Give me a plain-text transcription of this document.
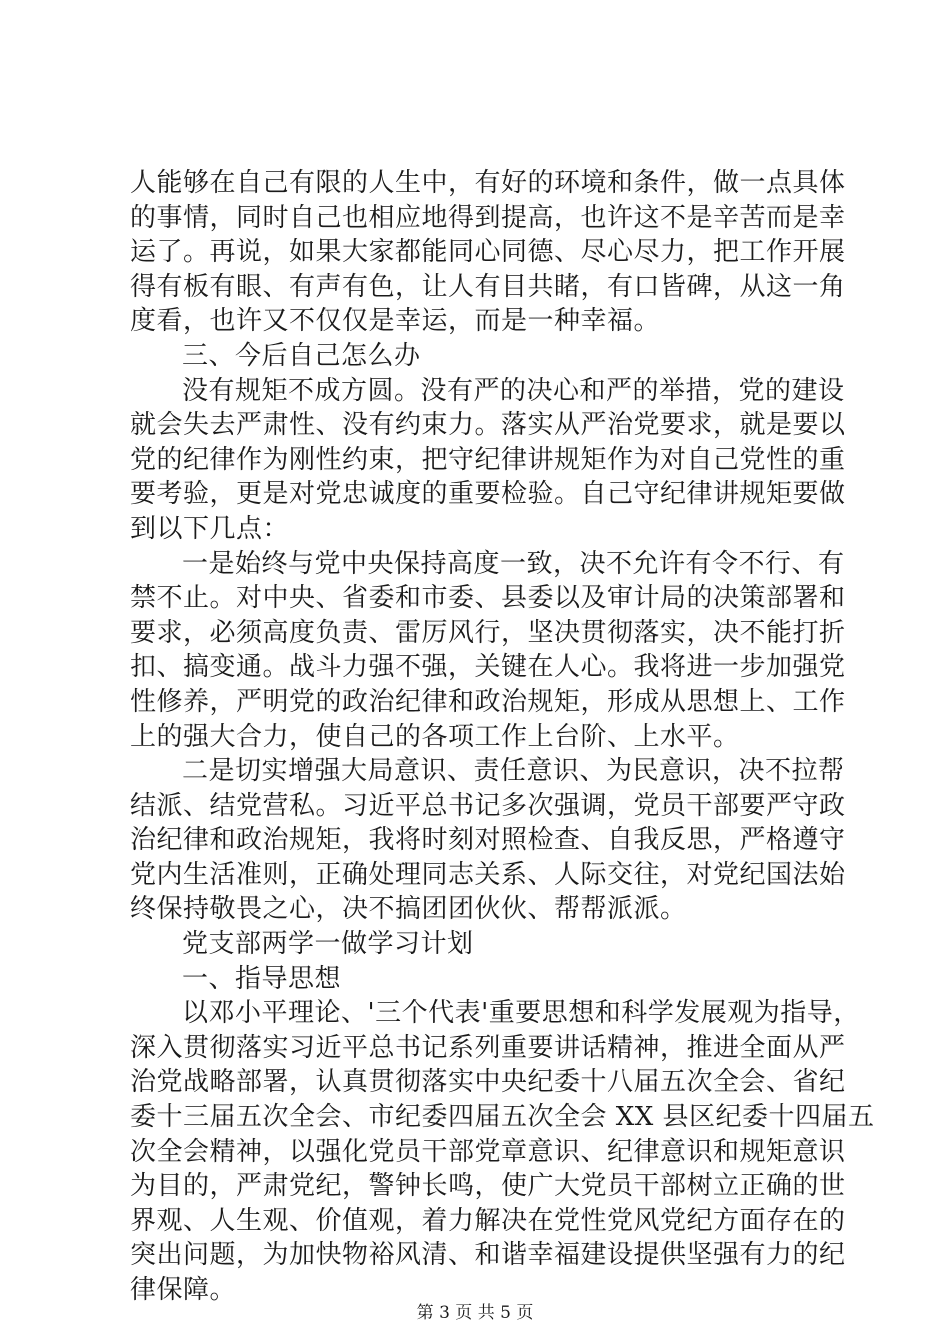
人能够在自己有限的人生中，有好的环境和条件，做一点具体
的事情，同时自己也相应地得到提高，也许这不是辛苦而是幸
运了。再说，如果大家都能同心同德、尽心尽力，把工作开展
得有板有眼、有声有色，让人有目共睹，有口皆碑，从这一角
度看，也许又不仅仅是幸运，而是一种幸福。
三、今后自己怎么办
没有规矩不成方圆。没有严的决心和严的举措，党的建设
就会失去严肃性、没有约束力。落实从严治党要求，就是要以
党的纪律作为刚性约束，把守纪律讲规矩作为对自己党性的重
要考验，更是对党忠诚度的重要检验。自己守纪律讲规矩要做
到以下几点：
一是始终与党中央保持高度一致，决不允许有令不行、有
禁不止。对中央、省委和市委、县委以及审计局的决策部署和
要求，必须高度负责、雷厉风行，坚决贯彻落实，决不能打折
扣、搞变通。战斗力强不强，关键在人心。我将进一步加强党
性修养，严明党的政治纪律和政治规矩，形成从思想上、工作
上的强大合力，使自己的各项工作上台阶、上水平。
二是切实增强大局意识、责任意识、为民意识，决不拉帮
结派、结党营私。习近平总书记多次强调，党员干部要严守政
治纪律和政治规矩，我将时刻对照检查、自我反思，严格遵守
党内生活准则，正确处理同志关系、人际交往，对党纪国法始
终保持敬畏之心，决不搞团团伙伙、帮帮派派。
党支部两学一做学习计划
一、指导思想
以邓小平理论、'三个代表'重要思想和科学发展观为指导，
深入贯彻落实习近平总书记系列重要讲话精神，推进全面从严
治党战略部署，认真贯彻落实中央纪委十八届五次全会、省纪
委十三届五次全会、市纪委四届五次全会 XX 县区纪委十四届五
次全会精神，以强化党员干部党章意识、纪律意识和规矩意识
为目的，严肃党纪，警钟长鸣，使广大党员干部树立正确的世
界观、人生观、价值观，着力解决在党性党风党纪方面存在的
突出问题，为加快物裕风清、和谐幸福建设提供坚强有力的纪
律保障。
第 3 页 共 5 页
